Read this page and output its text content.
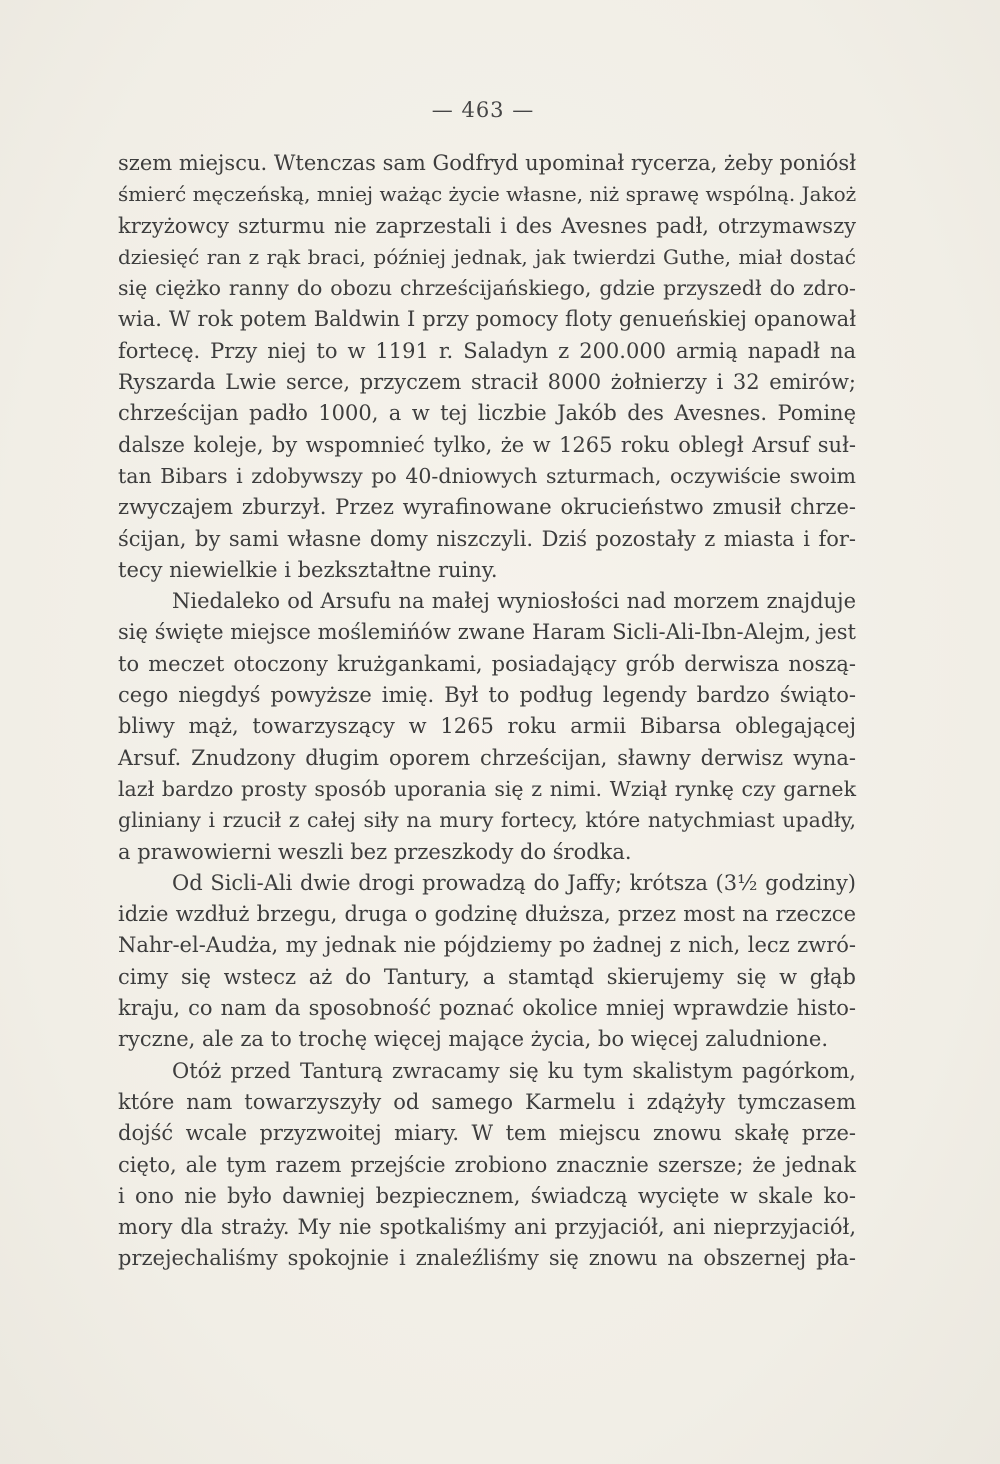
— 463 —
szem miejscu. Wtenczas sam Godfryd upominał rycerza, żeby poniósł
śmierć męczeńską, mniej ważąc życie własne, niż sprawę wspólną. Jakoż
krzyżowcy szturmu nie zaprzestali i des Avesnes padł, otrzymawszy
dziesięć ran z rąk braci, później jednak, jak twierdzi Guthe, miał dostać
się ciężko ranny do obozu chrześcijańskiego, gdzie przyszedł do zdro-
wia. W rok potem Baldwin I przy pomocy floty genueńskiej opanował
fortecę. Przy niej to w 1191 r. Saladyn z 200.000 armią napadł na
Ryszarda Lwie serce, przyczem stracił 8000 żołnierzy i 32 emirów;
chrześcijan padło 1000, a w tej liczbie Jakób des Avesnes. Pominę
dalsze koleje, by wspomnieć tylko, że w 1265 roku obległ Arsuf suł-
tan Bibars i zdobywszy po 40-dniowych szturmach, oczywiście swoim
zwyczajem zburzył. Przez wyrafinowane okrucieństwo zmusił chrze-
ścijan, by sami własne domy niszczyli. Dziś pozostały z miasta i for-
tecy niewielkie i bezkształtne ruiny.
Niedaleko od Arsufu na małej wyniosłości nad morzem znajduje
się święte miejsce moślemińów zwane Haram Sicli-Ali-Ibn-Alejm, jest
to meczet otoczony krużgankami, posiadający grób derwisza noszą-
cego niegdyś powyższe imię. Był to podług legendy bardzo świąto-
bliwy mąż, towarzyszący w 1265 roku armii Bibarsa oblegającej
Arsuf. Znudzony długim oporem chrześcijan, sławny derwisz wyna-
lazł bardzo prosty sposób uporania się z nimi. Wziął rynkę czy garnek
gliniany i rzucił z całej siły na mury fortecy, które natychmiast upadły,
a prawowierni weszli bez przeszkody do środka.
Od Sicli-Ali dwie drogi prowadzą do Jaffy; krótsza (3½ godziny)
idzie wzdłuż brzegu, druga o godzinę dłuższa, przez most na rzeczce
Nahr-el-Audża, my jednak nie pójdziemy po żadnej z nich, lecz zwró-
cimy się wstecz aż do Tantury, a stamtąd skierujemy się w głąb
kraju, co nam da sposobność poznać okolice mniej wprawdzie histo-
ryczne, ale za to trochę więcej mające życia, bo więcej zaludnione.
Otóż przed Tanturą zwracamy się ku tym skalistym pagórkom,
które nam towarzyszyły od samego Karmelu i zdążyły tymczasem
dojść wcale przyzwoitej miary. W tem miejscu znowu skałę prze-
cięto, ale tym razem przejście zrobiono znacznie szersze; że jednak
i ono nie było dawniej bezpiecznem, świadczą wycięte w skale ko-
mory dla straży. My nie spotkaliśmy ani przyjaciół, ani nieprzyjaciół,
przejechaliśmy spokojnie i znaleźliśmy się znowu na obszernej pła-
